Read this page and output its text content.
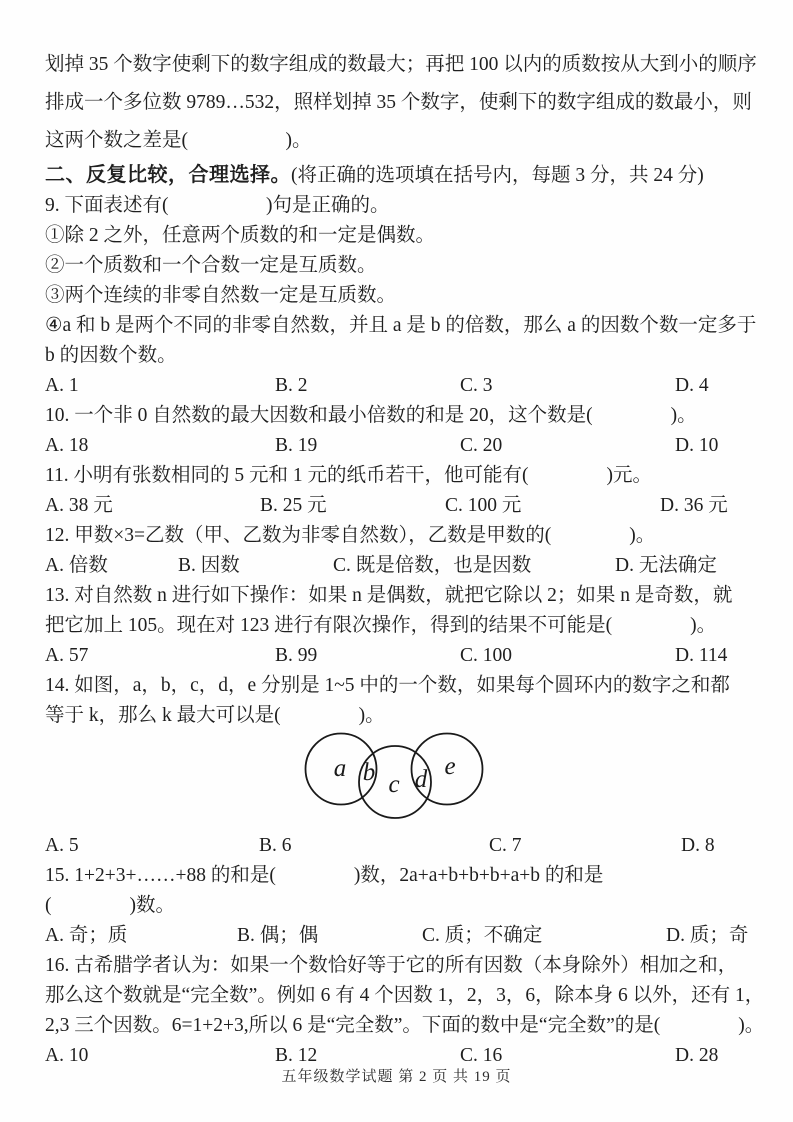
划掉 35 个数字使剩下的数字组成的数最大；再把 100 以内的质数按从大到小的顺序
排成一个多位数 9789…532，照样划掉 35 个数字，使剩下的数字组成的数最小，则
这两个数之差是(　　　　　)。
二、反复比较，合理选择。(将正确的选项填在括号内，每题 3 分，共 24 分)
9. 下面表述有(　　　　　)句是正确的。
①除 2 之外，任意两个质数的和一定是偶数。
②一个质数和一个合数一定是互质数。
③两个连续的非零自然数一定是互质数。
④a 和 b 是两个不同的非零自然数，并且 a 是 b 的倍数，那么 a 的因数个数一定多于
b 的因数个数。
A. 1	B. 2	C. 3	D. 4
10. 一个非 0 自然数的最大因数和最小倍数的和是 20，这个数是(　　　　)。
A. 18	B. 19	C. 20	D. 10
11. 小明有张数相同的 5 元和 1 元的纸币若干，他可能有(　　　　)元。
A. 38 元	B. 25 元	C. 100 元	D. 36 元
12. 甲数×3=乙数（甲、乙数为非零自然数），乙数是甲数的(　　　　)。
A. 倍数	B. 因数	C. 既是倍数，也是因数	D. 无法确定
13. 对自然数 n 进行如下操作：如果 n 是偶数，就把它除以 2；如果 n 是奇数，就
把它加上 105。现在对 123 进行有限次操作，得到的结果不可能是(　　　　)。
A. 57	B. 99	C. 100	D. 114
14. 如图，a，b，c，d，e 分别是 1~5 中的一个数，如果每个圆环内的数字之和都
等于 k，那么 k 最大可以是(　　　　)。
a b c d e
A. 5	B. 6	C. 7	D. 8
15. 1+2+3+……+88 的和是(　　　　)数，2a+a+b+b+b+a+b 的和是
(　　　　)数。
A. 奇；质	B. 偶；偶	C. 质；不确定	D. 质；奇
16. 古希腊学者认为：如果一个数恰好等于它的所有因数（本身除外）相加之和，
那么这个数就是“完全数”。例如 6 有 4 个因数 1，2，3，6，除本身 6 以外，还有 1，
2,3 三个因数。6=1+2+3,所以 6 是“完全数”。下面的数中是“完全数”的是(　　　　)。
A. 10	B. 12	C. 16	D. 28
五年级数学试题 第 2 页 共 19 页
